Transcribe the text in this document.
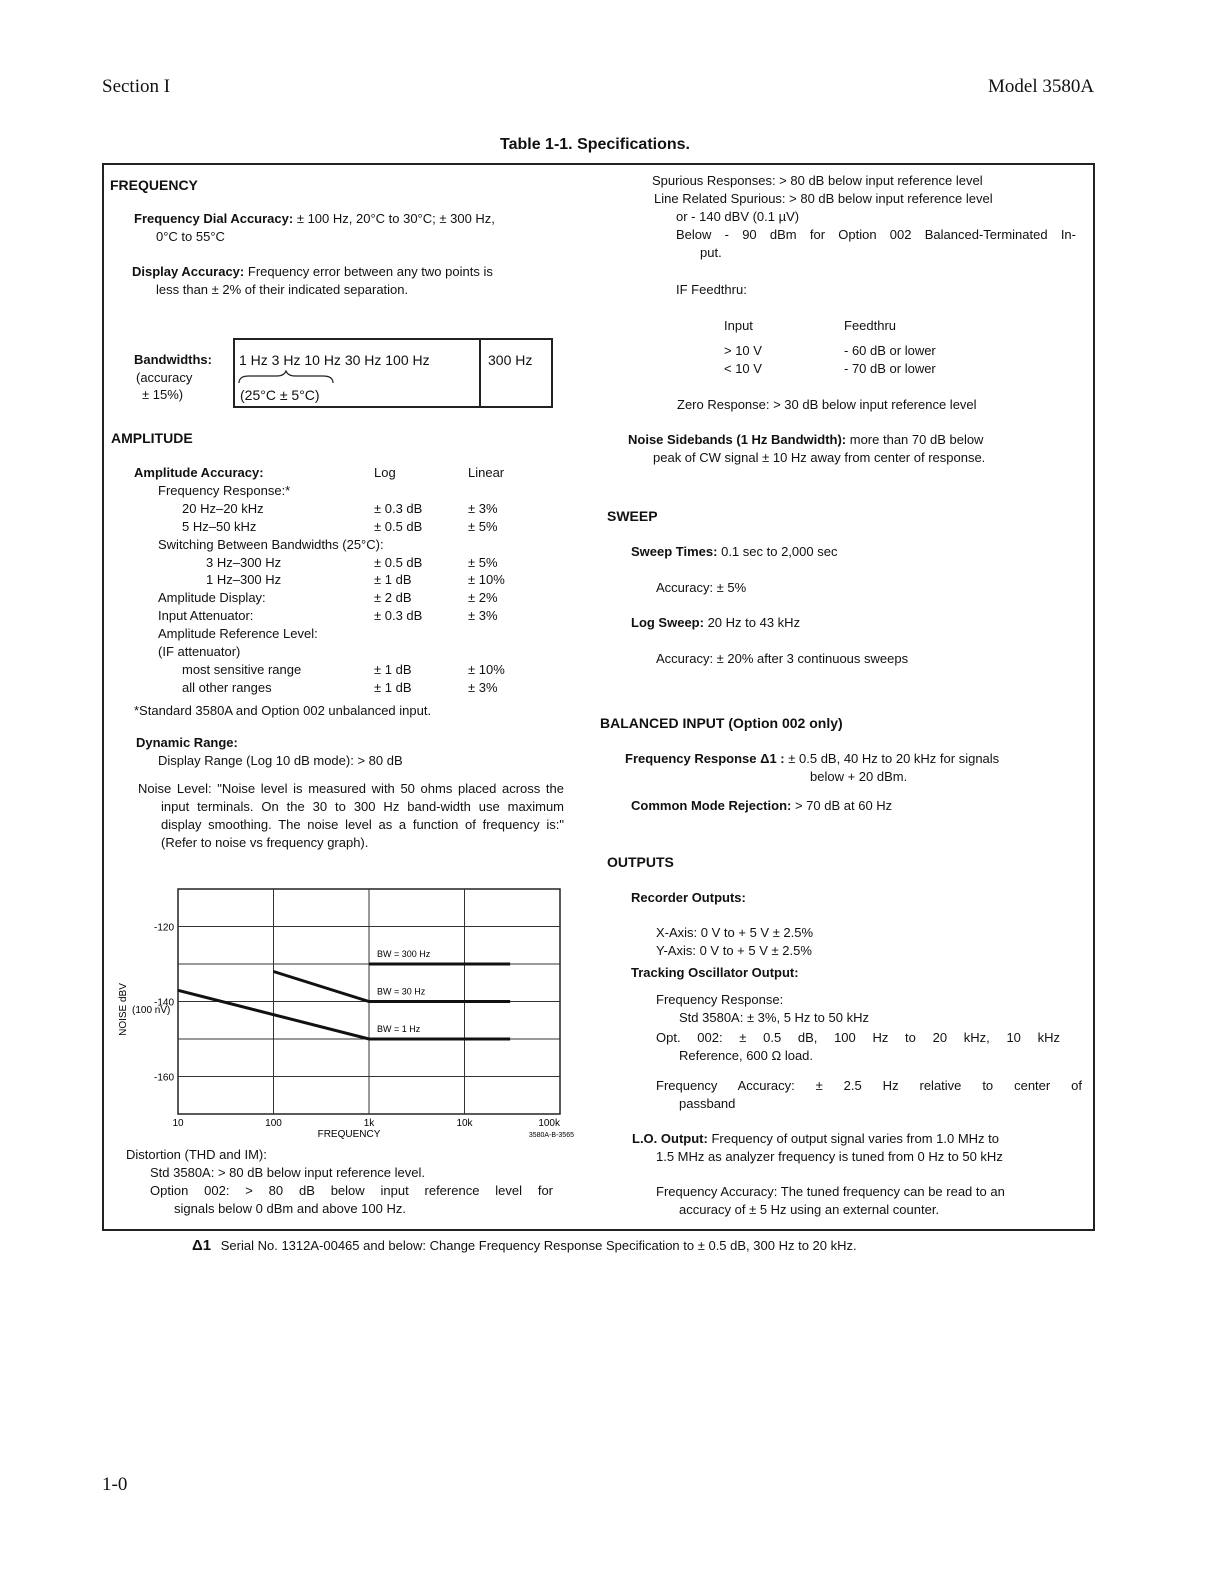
Section I	Model 3580A
Table 1-1. Specifications.
FREQUENCY
Frequency Dial Accuracy: ± 100 Hz, 20°C to 30°C; ± 300 Hz,
0°C to 55°C
Display Accuracy: Frequency error between any two points is
less than ± 2% of their indicated separation.
Bandwidths:
(accuracy
± 15%)
1 Hz 3 Hz 10 Hz 30 Hz 100 Hz	300 Hz
(25°C ± 5°C)
AMPLITUDE
Amplitude Accuracy:	Log	Linear
Frequency Response:*
20 Hz–20 kHz	± 0.3 dB	± 3%
5 Hz–50 kHz	± 0.5 dB	± 5%
Switching Between Bandwidths (25°C):
3 Hz–300 Hz	± 0.5 dB	± 5%
1 Hz–300 Hz	± 1 dB	± 10%
Amplitude Display:	± 2 dB	± 2%
Input Attenuator:	± 0.3 dB	± 3%
Amplitude Reference Level:
(IF attenuator)
most sensitive range	± 1 dB	± 10%
all other ranges	± 1 dB	± 3%
*Standard 3580A and Option 002 unbalanced input.
Dynamic Range:
Display Range (Log 10 dB mode): > 80 dB
Noise Level: "Noise level is measured with 50 ohms placed across the input terminals. On the 30 to 300 Hz band-width use maximum display smoothing. The noise level as a function of frequency is:" (Refer to noise vs frequency graph).
BW = 300 Hz
BW = 30 Hz
BW = 1 Hz
10	100	1k	10k	100k
-120
-140
-160
FREQUENCY
NOISE dBV (100 nV)
3580A-B-3565
Distortion (THD and IM):
Std 3580A: > 80 dB below input reference level.
Option 002: > 80 dB below input reference level for
signals below 0 dBm and above 100 Hz.
Spurious Responses: > 80 dB below input reference level
Line Related Spurious: > 80 dB below input reference level
or - 140 dBV (0.1 µV)
Below - 90 dBm for Option 002 Balanced-Terminated In-
put.
IF Feedthru:
Input	Feedthru
> 10 V	- 60 dB or lower
< 10 V	- 70 dB or lower
Zero Response: > 30 dB below input reference level
Noise Sidebands (1 Hz Bandwidth): more than 70 dB below
peak of CW signal ± 10 Hz away from center of response.
SWEEP
Sweep Times: 0.1 sec to 2,000 sec
Accuracy: ± 5%
Log Sweep: 20 Hz to 43 kHz
Accuracy: ± 20% after 3 continuous sweeps
BALANCED INPUT (Option 002 only)
Frequency Response Δ1 : ± 0.5 dB, 40 Hz to 20 kHz for signals
below + 20 dBm.
Common Mode Rejection: > 70 dB at 60 Hz
OUTPUTS
Recorder Outputs:
X-Axis: 0 V to + 5 V ± 2.5%
Y-Axis: 0 V to + 5 V ± 2.5%
Tracking Oscillator Output:
Frequency Response:
Std 3580A: ± 3%, 5 Hz to 50 kHz
Opt. 002: ± 0.5 dB, 100 Hz to 20 kHz, 10 kHz
Reference, 600 Ω load.
Frequency Accuracy: ± 2.5 Hz relative to center of
passband
L.O. Output: Frequency of output signal varies from 1.0 MHz to
1.5 MHz as analyzer frequency is tuned from 0 Hz to 50 kHz
Frequency Accuracy: The tuned frequency can be read to an
accuracy of ± 5 Hz using an external counter.
Δ1 Serial No. 1312A-00465 and below: Change Frequency Response Specification to ± 0.5 dB, 300 Hz to 20 kHz.
1-0
